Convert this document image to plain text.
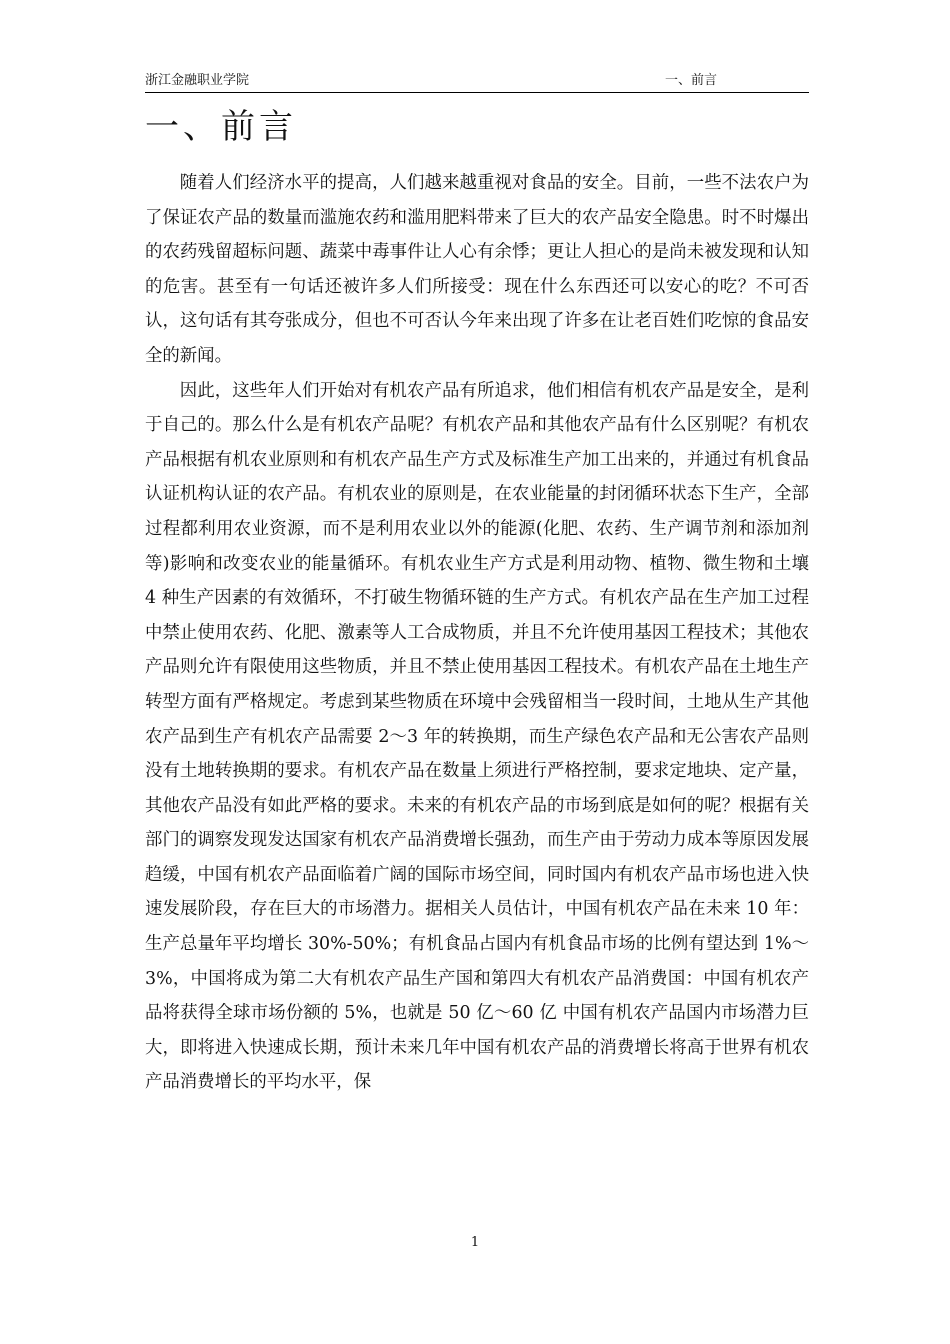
浙江金融职业学院	一、前言
一、前言

随着人们经济水平的提高，人们越来越重视对食品的安全。目前，一些不法农户为了保证农产品的数量而滥施农药和滥用肥料带来了巨大的农产品安全隐患。时不时爆出的农药残留超标问题、蔬菜中毒事件让人心有余悸；更让人担心的是尚未被发现和认知的危害。甚至有一句话还被许多人们所接受：现在什么东西还可以安心的吃？不可否认，这句话有其夸张成分，但也不可否认今年来出现了许多在让老百姓们吃惊的食品安全的新闻。

因此，这些年人们开始对有机农产品有所追求，他们相信有机农产品是安全，是利于自己的。那么什么是有机农产品呢？有机农产品和其他农产品有什么区别呢？有机农产品根据有机农业原则和有机农产品生产方式及标准生产加工出来的，并通过有机食品认证机构认证的农产品。有机农业的原则是，在农业能量的封闭循环状态下生产，全部过程都利用农业资源，而不是利用农业以外的能源(化肥、农药、生产调节剂和添加剂等)影响和改变农业的能量循环。有机农业生产方式是利用动物、植物、微生物和土壤 4 种生产因素的有效循环，不打破生物循环链的生产方式。有机农产品在生产加工过程中禁止使用农药、化肥、激素等人工合成物质，并且不允许使用基因工程技术；其他农产品则允许有限使用这些物质，并且不禁止使用基因工程技术。有机农产品在土地生产转型方面有严格规定。考虑到某些物质在环境中会残留相当一段时间，土地从生产其他农产品到生产有机农产品需要 2～3 年的转换期，而生产绿色农产品和无公害农产品则没有土地转换期的要求。有机农产品在数量上须进行严格控制，要求定地块、定产量，其他农产品没有如此严格的要求。未来的有机农产品的市场到底是如何的呢？根据有关部门的调察发现发达国家有机农产品消费增长强劲，而生产由于劳动力成本等原因发展趋缓，中国有机农产品面临着广阔的国际市场空间，同时国内有机农产品市场也进入快速发展阶段，存在巨大的市场潜力。据相关人员估计，中国有机农产品在未来 10 年：生产总量年平均增长 30%-50%；有机食品占国内有机食品市场的比例有望达到 1%～3%，中国将成为第二大有机农产品生产国和第四大有机农产品消费国：中国有机农产品将获得全球市场份额的 5%，也就是 50 亿～60 亿 中国有机农产品国内市场潜力巨大，即将进入快速成长期，预计未来几年中国有机农产品的消费增长将高于世界有机农产品消费增长的平均水平，保

1
